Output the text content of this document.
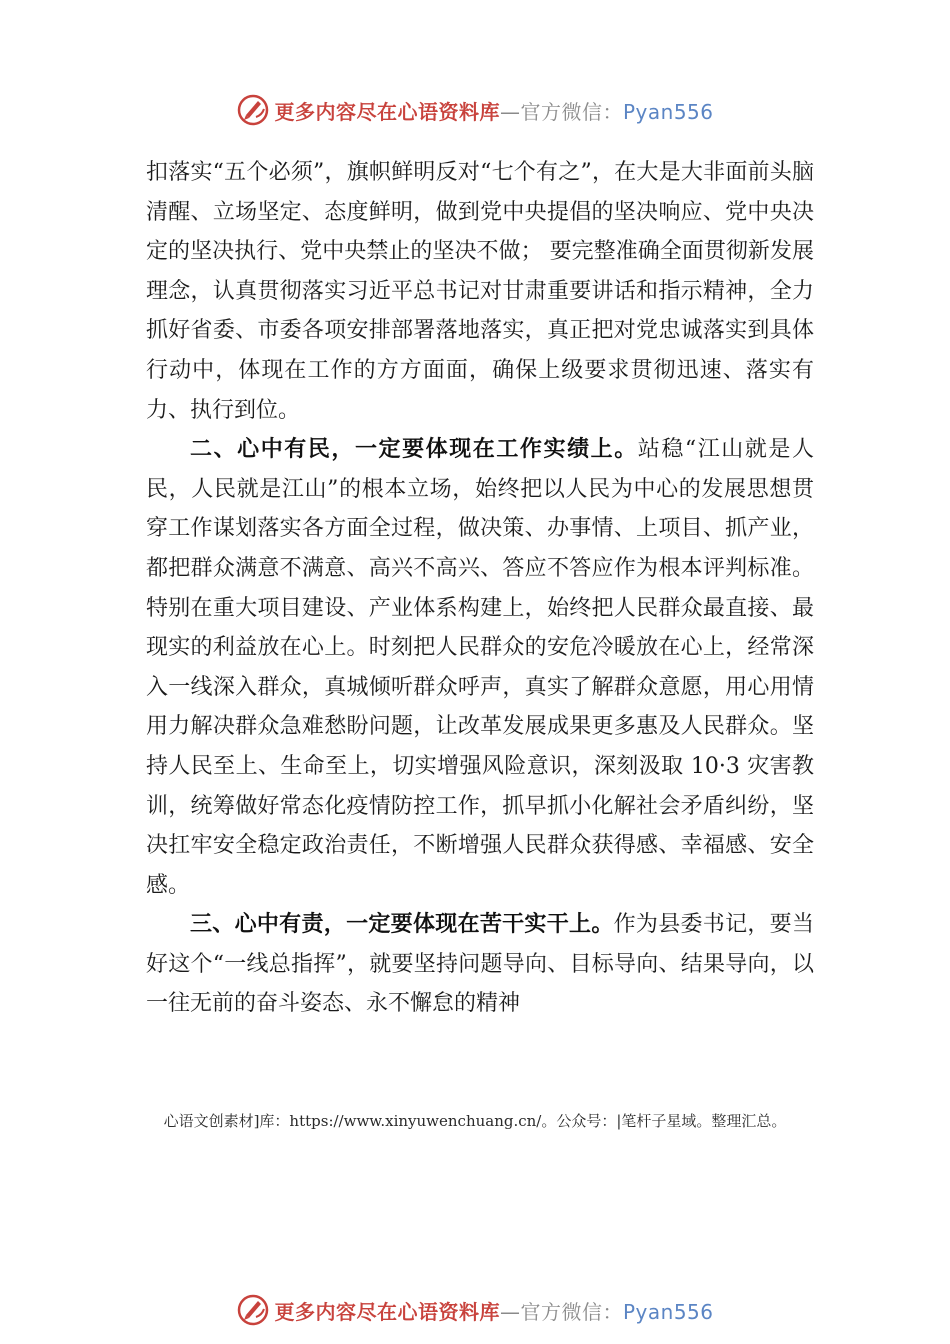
更多内容尽在心语资料库—官方微信：Pyan556

扣落实“五个必须”，旗帜鲜明反对“七个有之”，在大是大非面前头脑清醒、立场坚定、态度鲜明，做到党中央提倡的坚决响应、党中央决定的坚决执行、党中央禁止的坚决不做； 要完整准确全面贯彻新发展理念，认真贯彻落实习近平总书记对甘肃重要讲话和指示精神，全力抓好省委、市委各项安排部署落地落实，真正把对党忠诚落实到具体行动中，体现在工作的方方面面，确保上级要求贯彻迅速、落实有力、执行到位。

二、心中有民，一定要体现在工作实绩上。站稳“江山就是人民，人民就是江山”的根本立场，始终把以人民为中心的发展思想贯穿工作谋划落实各方面全过程，做决策、办事情、上项目、抓产业，都把群众满意不满意、高兴不高兴、答应不答应作为根本评判标准。特别在重大项目建设、产业体系构建上，始终把人民群众最直接、最现实的利益放在心上。时刻把人民群众的安危冷暖放在心上，经常深入一线深入群众，真城倾听群众呼声，真实了解群众意愿，用心用情用力解决群众急难愁盼问题，让改革发展成果更多惠及人民群众。坚持人民至上、生命至上，切实增强风险意识，深刻汲取 10·3 灾害教训，统筹做好常态化疫情防控工作，抓早抓小化解社会矛盾纠纷，坚决扛牢安全稳定政治责任，不断增强人民群众获得感、幸福感、安全感。

三、心中有责，一定要体现在苦干实干上。作为县委书记，要当好这个“一线总指挥”，就要坚持问题导向、目标导向、结果导向，以一往无前的奋斗姿态、永不懈怠的精神

心语文创素材]库：https://www.xinyuwenchuang.cn/。公众号：|笔杆子星域。整理汇总。
更多内容尽在心语资料库—官方微信：Pyan556
